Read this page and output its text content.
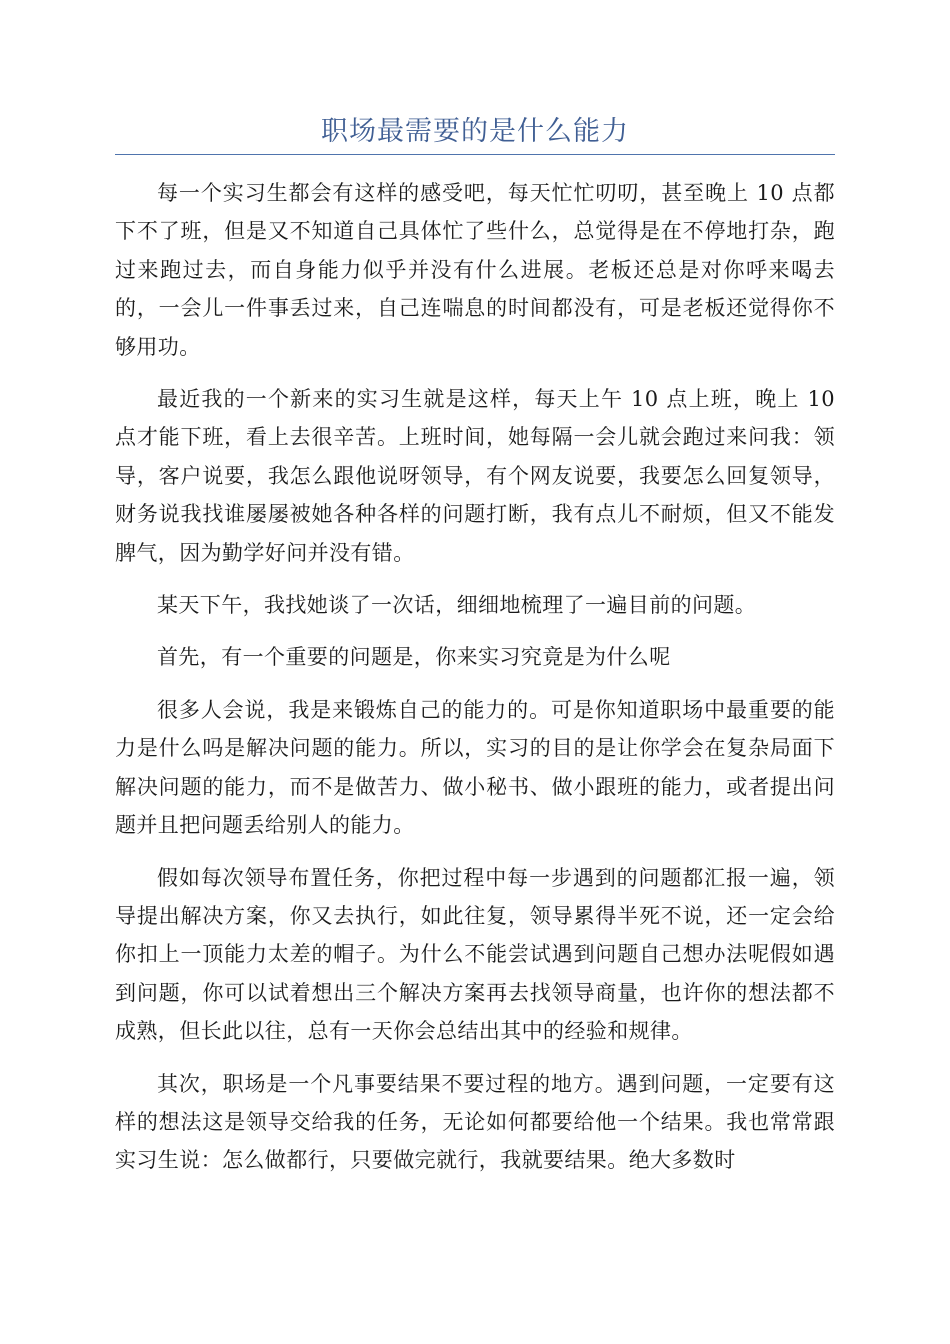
职场最需要的是什么能力

每一个实习生都会有这样的感受吧，每天忙忙叨叨，甚至晚上 10 点都下不了班，但是又不知道自己具体忙了些什么，总觉得是在不停地打杂，跑过来跑过去，而自身能力似乎并没有什么进展。老板还总是对你呼来喝去的，一会儿一件事丢过来，自己连喘息的时间都没有，可是老板还觉得你不够用功。

最近我的一个新来的实习生就是这样，每天上午 10 点上班，晚上 10 点才能下班，看上去很辛苦。上班时间，她每隔一会儿就会跑过来问我：领导，客户说要，我怎么跟他说呀领导，有个网友说要，我要怎么回复领导，财务说我找谁屡屡被她各种各样的问题打断，我有点儿不耐烦，但又不能发脾气，因为勤学好问并没有错。

某天下午，我找她谈了一次话，细细地梳理了一遍目前的问题。

首先，有一个重要的问题是，你来实习究竟是为什么呢

很多人会说，我是来锻炼自己的能力的。可是你知道职场中最重要的能力是什么吗是解决问题的能力。所以，实习的目的是让你学会在复杂局面下解决问题的能力，而不是做苦力、做小秘书、做小跟班的能力，或者提出问题并且把问题丢给别人的能力。

假如每次领导布置任务，你把过程中每一步遇到的问题都汇报一遍，领导提出解决方案，你又去执行，如此往复，领导累得半死不说，还一定会给你扣上一顶能力太差的帽子。为什么不能尝试遇到问题自己想办法呢假如遇到问题，你可以试着想出三个解决方案再去找领导商量，也许你的想法都不成熟，但长此以往，总有一天你会总结出其中的经验和规律。

其次，职场是一个凡事要结果不要过程的地方。遇到问题，一定要有这样的想法这是领导交给我的任务，无论如何都要给他一个结果。我也常常跟实习生说：怎么做都行，只要做完就行，我就要结果。绝大多数时
